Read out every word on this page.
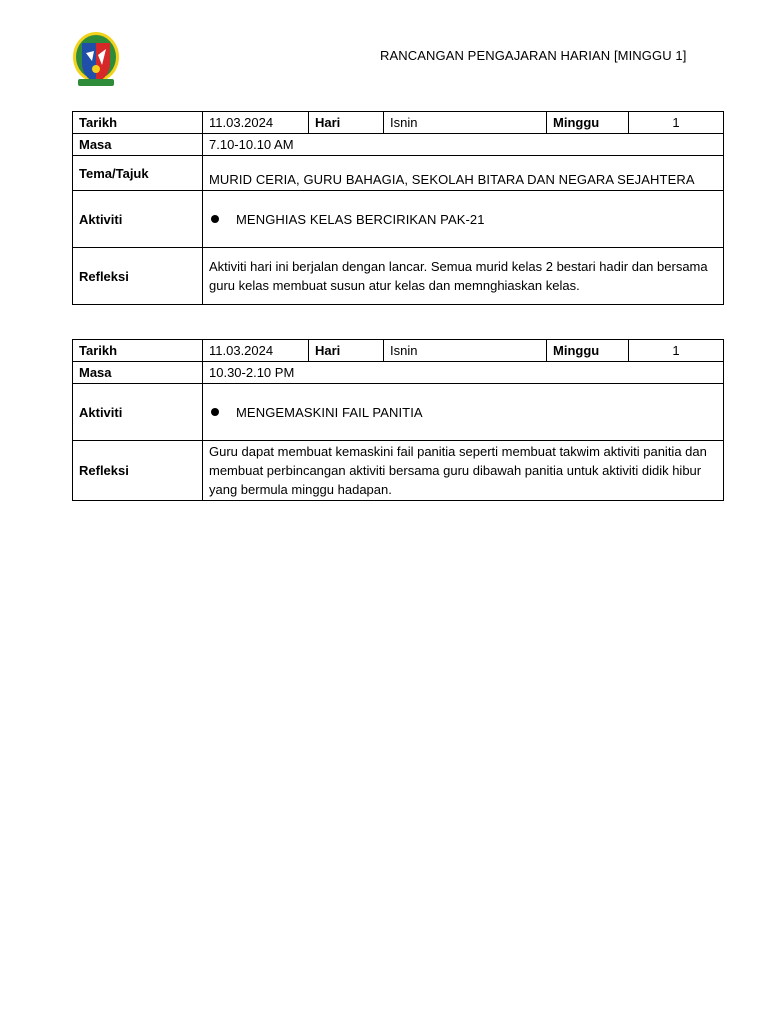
RANCANGAN PENGAJARAN HARIAN [MINGGU 1]
Tarikh	11.03.2024	Hari	Isnin	Minggu	1
Masa	7.10-10.10 AM				
Tema/Tajuk	MURID CERIA, GURU BAHAGIA, SEKOLAH BITARA DAN NEGARA SEJAHTERA				
Aktiviti	MENGHIAS KELAS BERCIRIKAN PAK-21				

Refleksi	Aktiviti hari ini berjalan dengan lancar. Semua murid kelas 2 bestari hadir dan bersama guru kelas membuat susun atur kelas dan memnghiaskan kelas.				
Tarikh	11.03.2024	Hari	Isnin	Minggu	1
Masa	10.30-2.10 PM				
Aktiviti	MENGEMASKINI FAIL PANITIA				

Refleksi	Guru dapat membuat kemaskini fail panitia seperti membuat takwim aktiviti panitia dan membuat perbincangan aktiviti bersama guru dibawah panitia untuk aktiviti didik hibur yang bermula minggu hadapan.				
